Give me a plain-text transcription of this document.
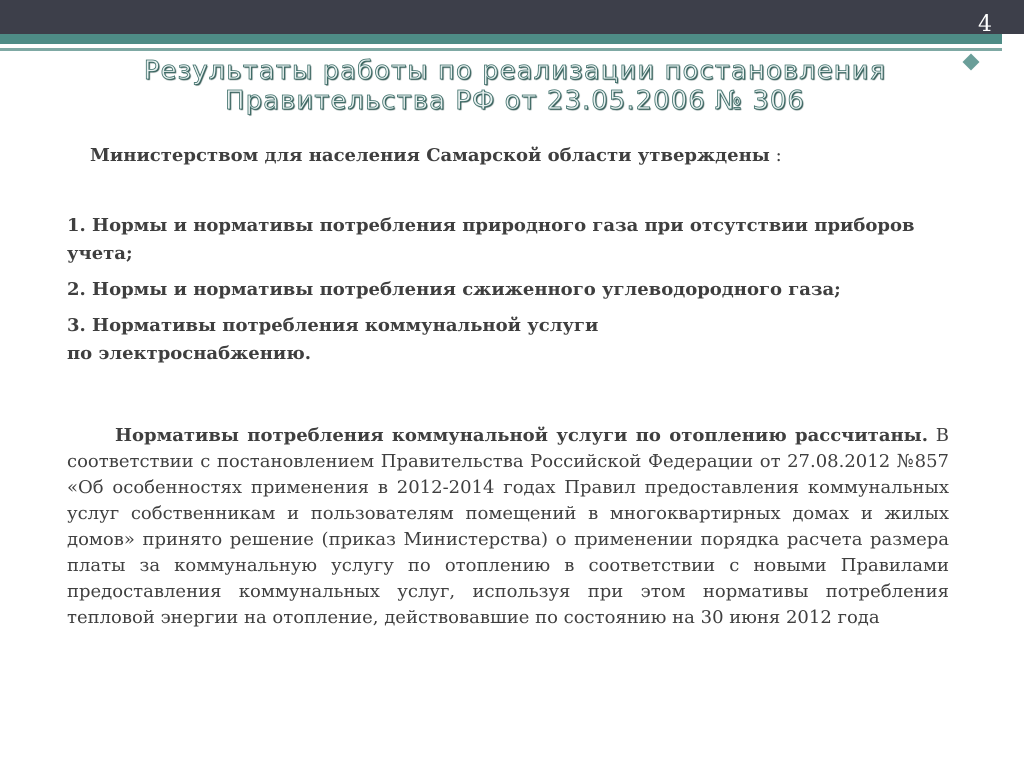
4
Результаты работы по реализации постановления
Правительства РФ от 23.05.2006 № 306
Министерством для населения Самарской области утверждены :
1. Нормы и нормативы потребления природного газа при отсутствии приборов учета;
2. Нормы и нормативы потребления сжиженного углеводородного газа;
3. Нормативы потребления коммунальной услуги
по электроснабжению.
Нормативы потребления коммунальной услуги по отоплению рассчитаны. В соответствии с постановлением Правительства Российской Федерации от 27.08.2012 №857 «Об особенностях применения в 2012-2014 годах Правил предоставления коммунальных услуг собственникам и пользователям помещений в многоквартирных домах и жилых домов» принято решение (приказ Министерства) о применении порядка расчета размера платы за коммунальную услугу по отоплению в соответствии с новыми Правилами предоставления коммунальных услуг, используя при этом нормативы потребления тепловой энергии на отопление, действовавшие по состоянию на 30 июня 2012 года
